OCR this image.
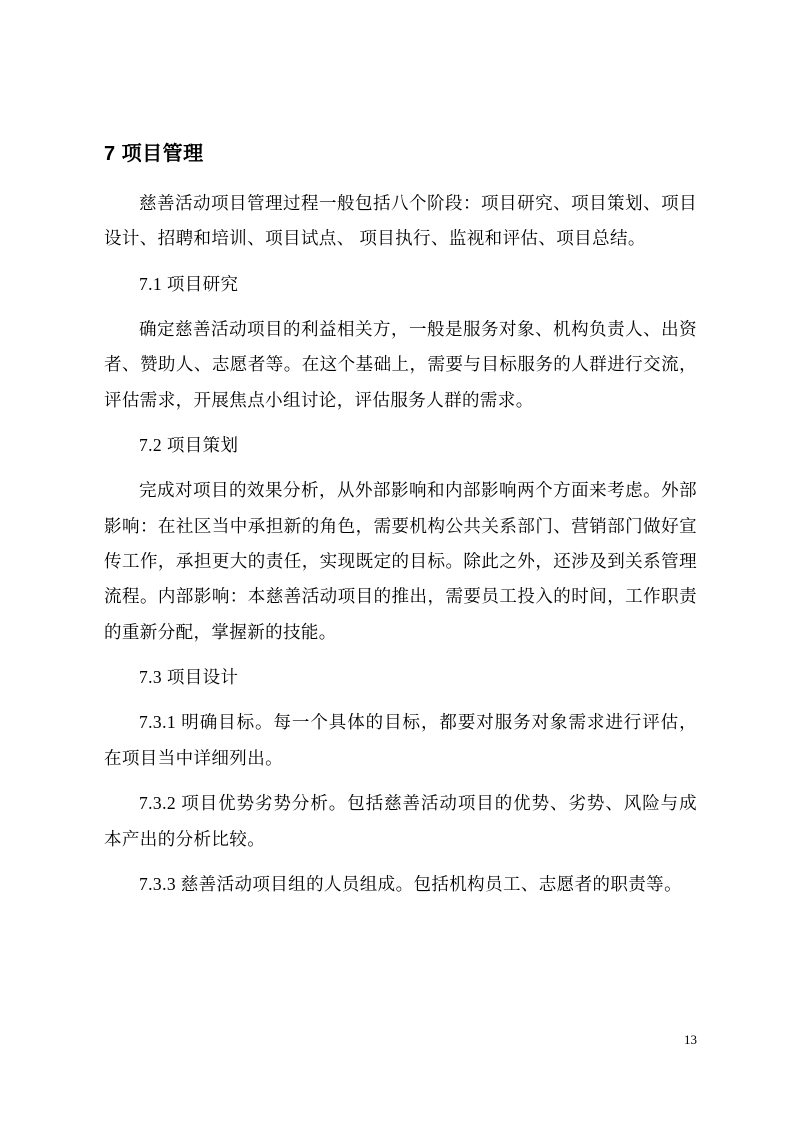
7 项目管理

慈善活动项目管理过程一般包括八个阶段：项目研究、项目策划、项目设计、招聘和培训、项目试点、 项目执行、监视和评估、项目总结。

7.1 项目研究

确定慈善活动项目的利益相关方，一般是服务对象、机构负责人、出资者、赞助人、志愿者等。在这个基础上，需要与目标服务的人群进行交流，评估需求，开展焦点小组讨论，评估服务人群的需求。

7.2 项目策划

完成对项目的效果分析，从外部影响和内部影响两个方面来考虑。外部影响：在社区当中承担新的角色，需要机构公共关系部门、营销部门做好宣传工作，承担更大的责任，实现既定的目标。除此之外，还涉及到关系管理流程。内部影响：本慈善活动项目的推出，需要员工投入的时间，工作职责的重新分配，掌握新的技能。

7.3 项目设计

7.3.1 明确目标。每一个具体的目标，都要对服务对象需求进行评估，在项目当中详细列出。

7.3.2 项目优势劣势分析。包括慈善活动项目的优势、劣势、风险与成本产出的分析比较。

7.3.3 慈善活动项目组的人员组成。包括机构员工、志愿者的职责等。

13
